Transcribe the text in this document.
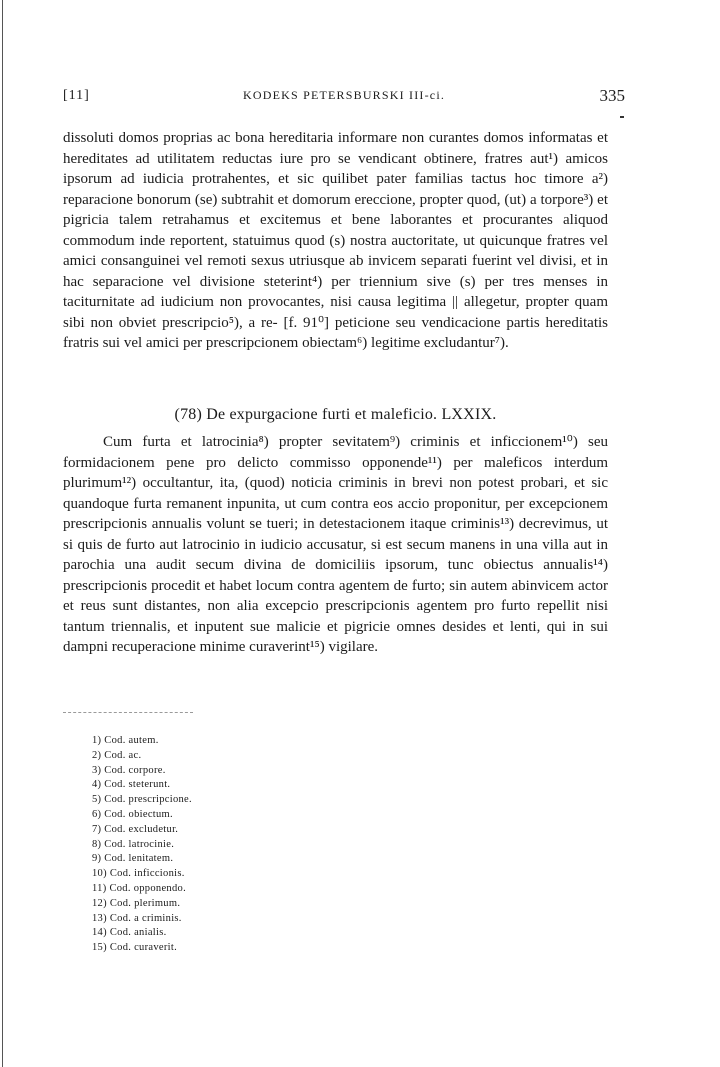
[11]	KODEKS PETERSBURSKI III-ci.	335

dissoluti domos proprias ac bona hereditaria informare non curantes domos informatas et hereditates ad utilitatem reductas iure pro se vendicant obtinere, fratres aut¹) amicos ipsorum ad iudicia protrahentes, et sic quilibet pater familias tactus hoc timore a²) reparacione bonorum (se) subtrahit et domorum ereccione, propter quod, (ut) a torpore³) et pigricia talem retrahamus et excitemus et bene laborantes et procurantes aliquod commodum inde reportent, statuimus quod (s) nostra auctoritate, ut quicunque fratres vel amici consanguinei vel remoti sexus utriusque ab invicem separati fuerint vel divisi, et in hac separacione vel divisione steterint⁴) per triennium sive (s) per tres menses in taciturnitate ad iudicium non provocantes, nisi causa legitima || allegetur, propter quam sibi non obviet prescripcio⁵), a re- [f. 91⁰] peticione seu vendicacione partis hereditatis fratris sui vel amici per prescripcionem obiectam⁶) legitime excludantur⁷).

(78) De expurgacione furti et maleficio. LXXIX.

Cum furta et latrocinia⁸) propter sevitatem⁹) criminis et inficcionem¹⁰) seu formidacionem pene pro delicto commisso opponende¹¹) per maleficos interdum plurimum¹²) occultantur, ita, (quod) noticia criminis in brevi non potest probari, et sic quandoque furta remanent inpunita, ut cum contra eos accio proponitur, per excepcionem prescripcionis annualis volunt se tueri; in detestacionem itaque criminis¹³) decrevimus, ut si quis de furto aut latrocinio in iudicio accusatur, si est secum manens in una villa aut in parochia una audit secum divina de domiciliis ipsorum, tunc obiectus annualis¹⁴) prescripcionis procedit et habet locum contra agentem de furto; sin autem abinvicem actor et reus sunt distantes, non alia excepcio prescripcionis agentem pro furto repellit nisi tantum triennalis, et inputent sue malicie et pigricie omnes desides et lenti, qui in sui dampni recuperacione minime curaverint¹⁵) vigilare.

1) Cod. autem.
2) Cod. ac.
3) Cod. corpore.
4) Cod. steterunt.
5) Cod. prescripcione.
6) Cod. obiectum.
7) Cod. excludetur.
8) Cod. latrocinie.
9) Cod. lenitatem.
10) Cod. inficcionis.
11) Cod. opponendo.
12) Cod. plerimum.
13) Cod. a criminis.
14) Cod. anialis.
15) Cod. curaverit.
